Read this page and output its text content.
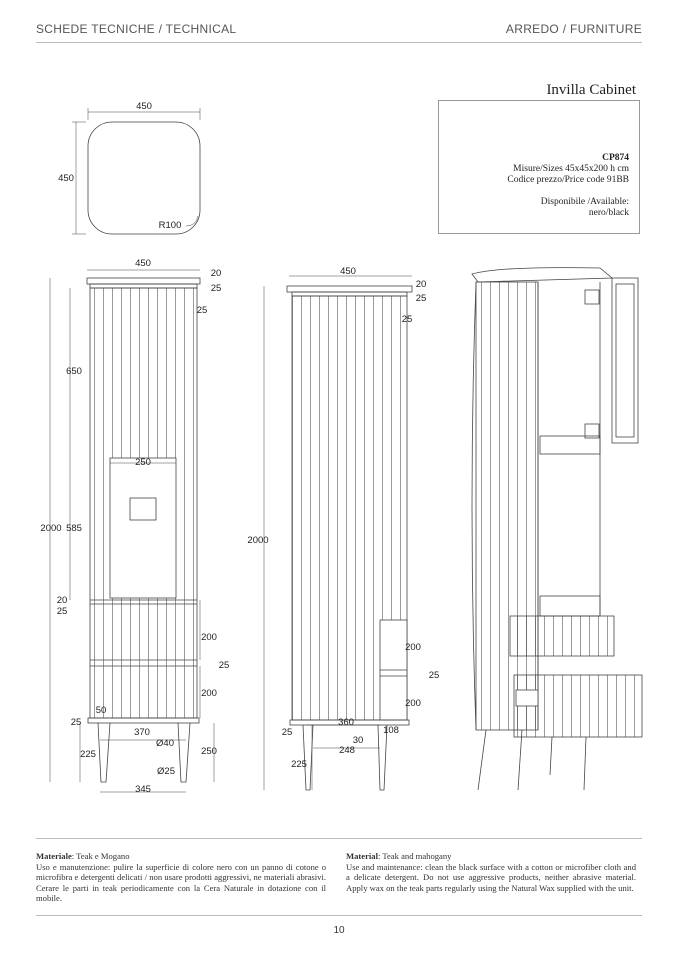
SCHEDE TECNICHE / TECHNICAL	ARREDO / FURNITURE
Invilla Cabinet
CP874
Misure/Sizes 45x45x200 h cm
Codice prezzo/Price code 91BB
Disponibile /Available:
nero/black
450
450
R100
450
20
25
25
650
250
585
2000
20
25
200
25
200
50
25
370
Ø40
225	250
Ø25
345
450
20
25
25
2000
200
25
200
25
360
108
30
248
225
Materiale: Teak e Mogano
Uso e manutenzione: pulire la superficie di colore nero con un panno di cotone o microfibra e detergenti delicati / non usare prodotti aggressivi, ne materiali abrasivi. Cerare le parti in teak periodicamente con la Cera Naturale in dotazione con il mobile.
Material: Teak and mahogany
Use and maintenance: clean the black surface with a cotton or microfiber cloth and a delicate detergent. Do not use aggressive products, neither abrasive material. Apply wax on the teak parts regularly using the Natural Wax supplied with the unit.
10
